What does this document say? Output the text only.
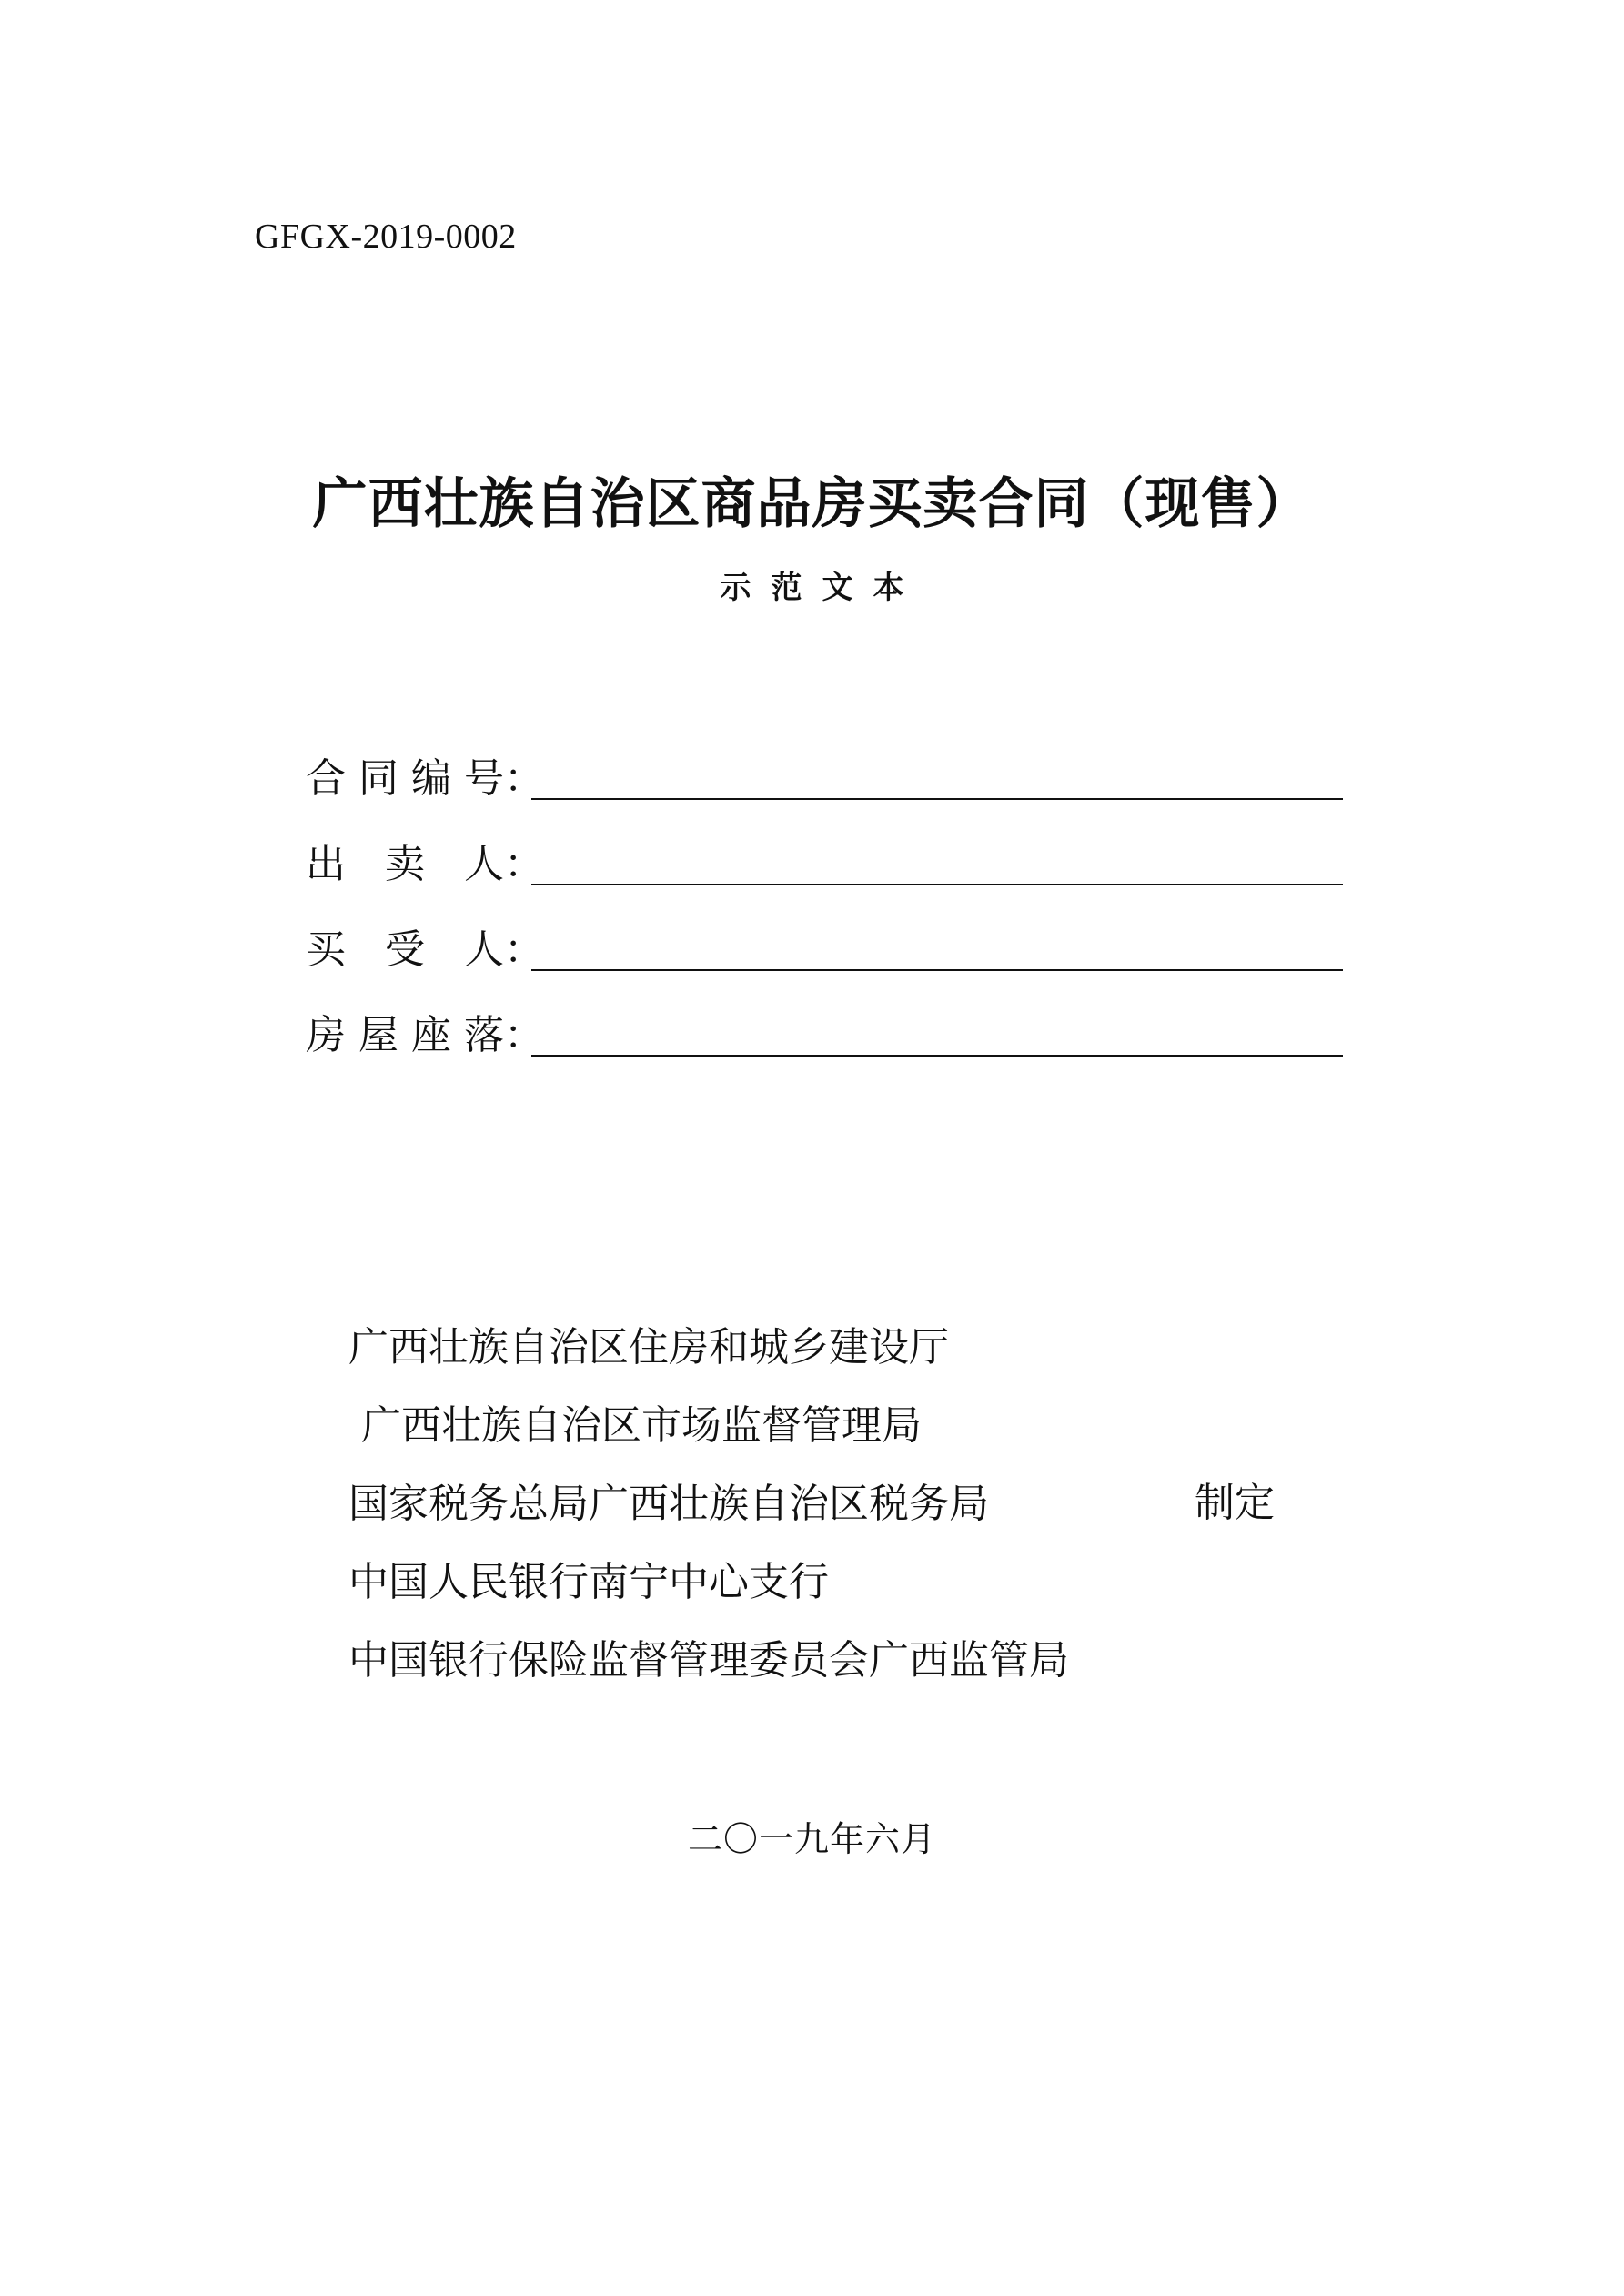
GFGX-2019-0002
广西壮族自治区商品房买卖合同（现售）
示范文本
合 同 编 号 ：
出 卖 人 ：
买 受 人 ：
房 屋 座 落 ：
广西壮族自治区住房和城乡建设厅
广西壮族自治区市场监督管理局
国家税务总局广西壮族自治区税务局
中国人民银行南宁中心支行
中国银行保险监督管理委员会广西监管局
制定
二〇一九年六月
